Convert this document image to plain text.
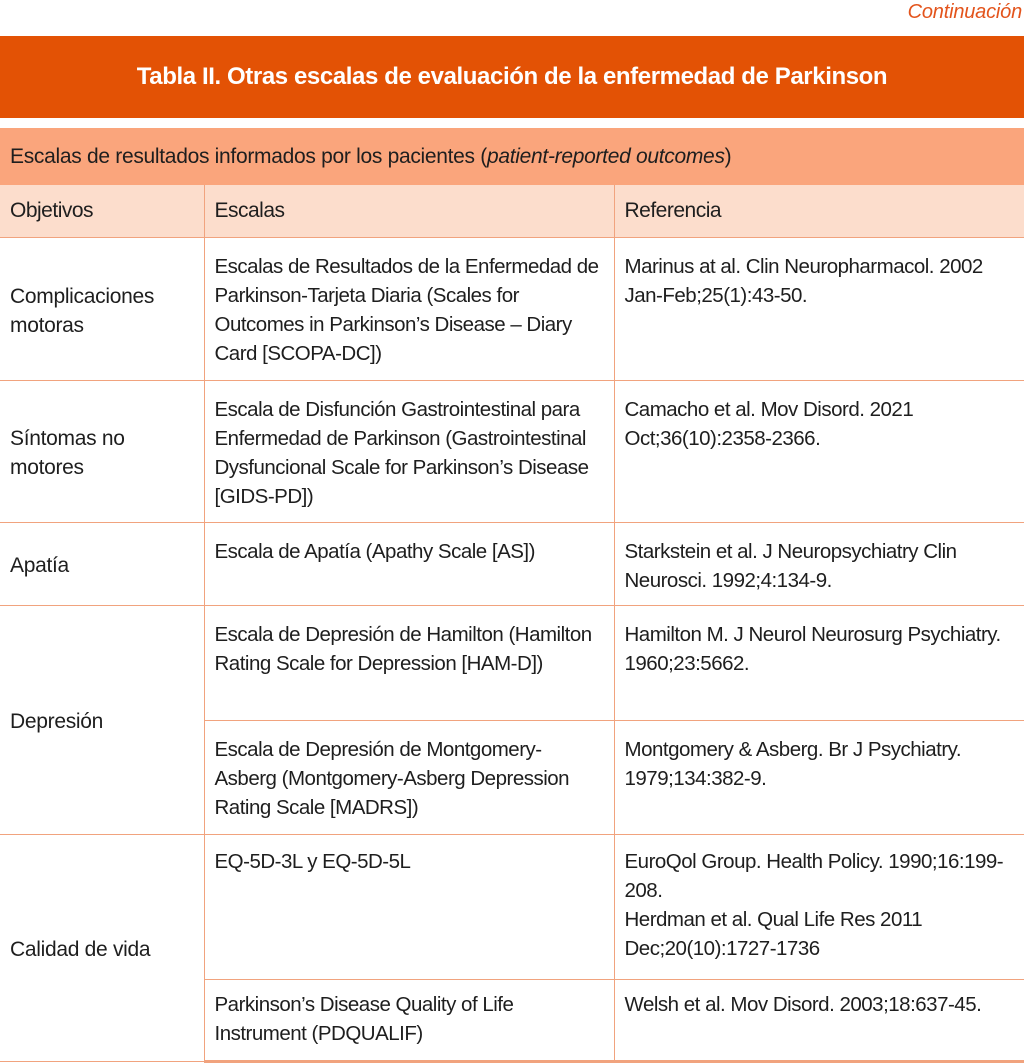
Continuación
Tabla II. Otras escalas de evaluación de la enfermedad de Parkinson
Escalas de resultados informados por los pacientes ( patient-reported outcomes )
Objetivos	Escalas	Referencia
Complicaciones motoras	Escalas de Resultados de la Enfermedad de Parkinson-Tarjeta Diaria (Scales for Outcomes in Parkinson’s Disease – Diary Card [SCOPA-DC])	Marinus at al. Clin Neuropharmacol. 2002 Jan-Feb;25(1):43-50.
Síntomas no motores	Escala de Disfunción Gastrointestinal para Enfermedad de Parkinson (Gastrointestinal Dysfuncional Scale for Parkinson’s Disease [GIDS-PD])	Camacho et al. Mov Disord. 2021 Oct;36(10):2358-2366.
Apatía	Escala de Apatía (Apathy Scale [AS])	Starkstein et al. J Neuropsychiatry Clin Neurosci. 1992;4:134-9.
Depresión	Escala de Depresión de Hamilton (Hamilton Rating Scale for Depression [HAM-D])	Hamilton M. J Neurol Neurosurg Psychiatry. 1960;23:5662.
	Escala de Depresión de Montgomery-Asberg (Montgomery-Asberg Depression Rating Scale [MADRS])	Montgomery & Asberg. Br J Psychiatry. 1979;134:382-9.
Calidad de vida	EQ-5D-3L y EQ-5D-5L	EuroQol Group. Health Policy. 1990;16:199-208.
Herdman et al. Qual Life Res 2011 Dec;20(10):1727-1736

	Parkinson’s Disease Quality of Life Instrument (PDQUALIF)	Welsh et al. Mov Disord. 2003;18:637-45.
